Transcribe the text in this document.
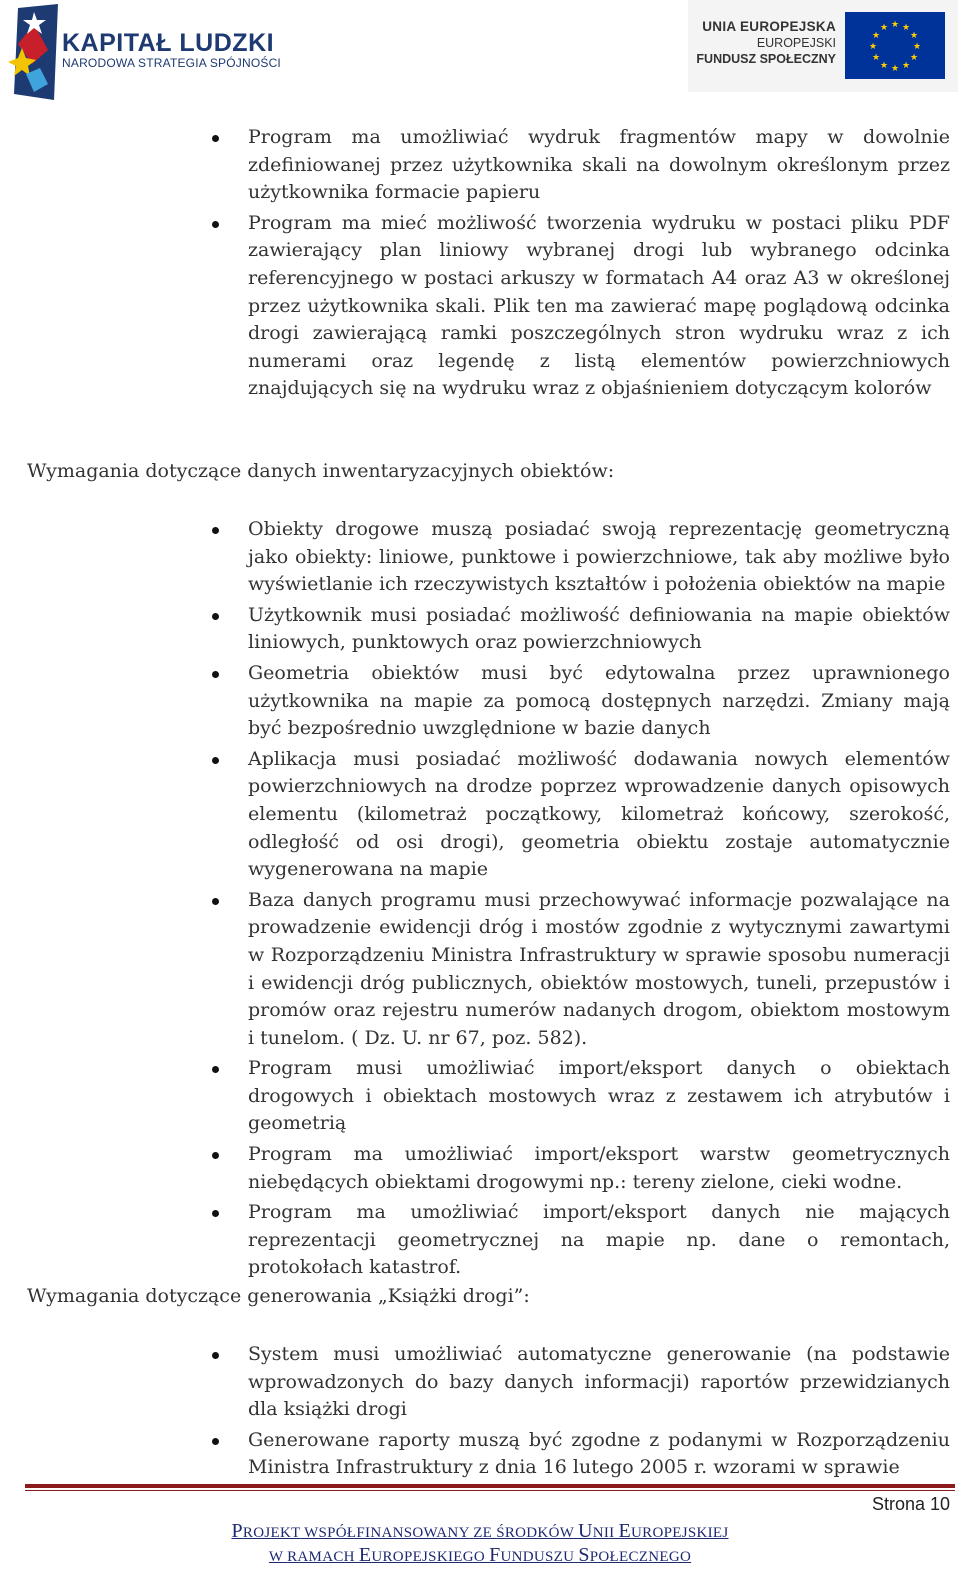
KAPITAŁ LUDZKI
NARODOWA STRATEGIA SPÓJNOŚCI
UNIA EUROPEJSKA
EUROPEJSKI
FUNDUSZ SPOŁECZNY
★ ★
★
★
★
★
★
★
★
★
★
★
Program ma umożliwiać wydruk fragmentów mapy w dowolnie zdefiniowanej przez użytkownika skali na dowolnym określonym przez użytkownika formacie papieru
Program ma mieć możliwość tworzenia wydruku w postaci pliku PDF zawierający plan liniowy wybranej drogi lub wybranego odcinka referencyjnego w postaci arkuszy w formatach A4 oraz A3 w określonej przez użytkownika skali. Plik ten ma zawierać mapę poglądową odcinka drogi zawierającą ramki poszczególnych stron wydruku wraz z ich numerami oraz legendę z listą elementów powierzchniowych znajdujących się na wydruku wraz z objaśnieniem dotyczącym kolorów
Wymagania dotyczące danych inwentaryzacyjnych obiektów:
Obiekty drogowe muszą posiadać swoją reprezentację geometryczną jako obiekty: liniowe, punktowe i powierzchniowe, tak aby możliwe było wyświetlanie ich rzeczywistych kształtów i położenia obiektów na mapie
Użytkownik musi posiadać możliwość definiowania na mapie obiektów liniowych, punktowych oraz powierzchniowych
Geometria obiektów musi być edytowalna przez uprawnionego użytkownika na mapie za pomocą dostępnych narzędzi. Zmiany mają być bezpośrednio uwzględnione w bazie danych
Aplikacja musi posiadać możliwość dodawania nowych elementów powierzchniowych na drodze poprzez wprowadzenie danych opisowych elementu (kilometraż początkowy, kilometraż końcowy, szerokość, odległość od osi drogi), geometria obiektu zostaje automatycznie wygenerowana na mapie
Baza danych programu musi przechowywać informacje pozwalające na prowadzenie ewidencji dróg i mostów zgodnie z wytycznymi zawartymi w Rozporządzeniu Ministra Infrastruktury w sprawie sposobu numeracji i ewidencji dróg publicznych, obiektów mostowych, tuneli, przepustów i promów oraz rejestru numerów nadanych drogom, obiektom mostowym i tunelom. ( Dz. U. nr 67, poz. 582).
Program musi umożliwiać import/eksport danych o obiektach drogowych i obiektach mostowych wraz z zestawem ich atrybutów i geometrią
Program ma umożliwiać import/eksport warstw geometrycznych niebędących obiektami drogowymi np.: tereny zielone, cieki wodne.
Program ma umożliwiać import/eksport danych nie mających reprezentacji geometrycznej na mapie np. dane o remontach, protokołach katastrof.
Wymagania dotyczące generowania „Książki drogi”:
System musi umożliwiać automatyczne generowanie (na podstawie wprowadzonych do bazy danych informacji) raportów przewidzianych dla książki drogi
Generowane raporty muszą być zgodne z podanymi w Rozporządzeniu Ministra Infrastruktury z dnia 16 lutego 2005 r. wzorami w sprawie
Strona 10
PROJEKT WSPÓŁFINANSOWANY ZE ŚRODKÓW UNII EUROPEJSKIEJ
W RAMACH EUROPEJSKIEGO FUNDUSZU SPOŁECZNEGO
